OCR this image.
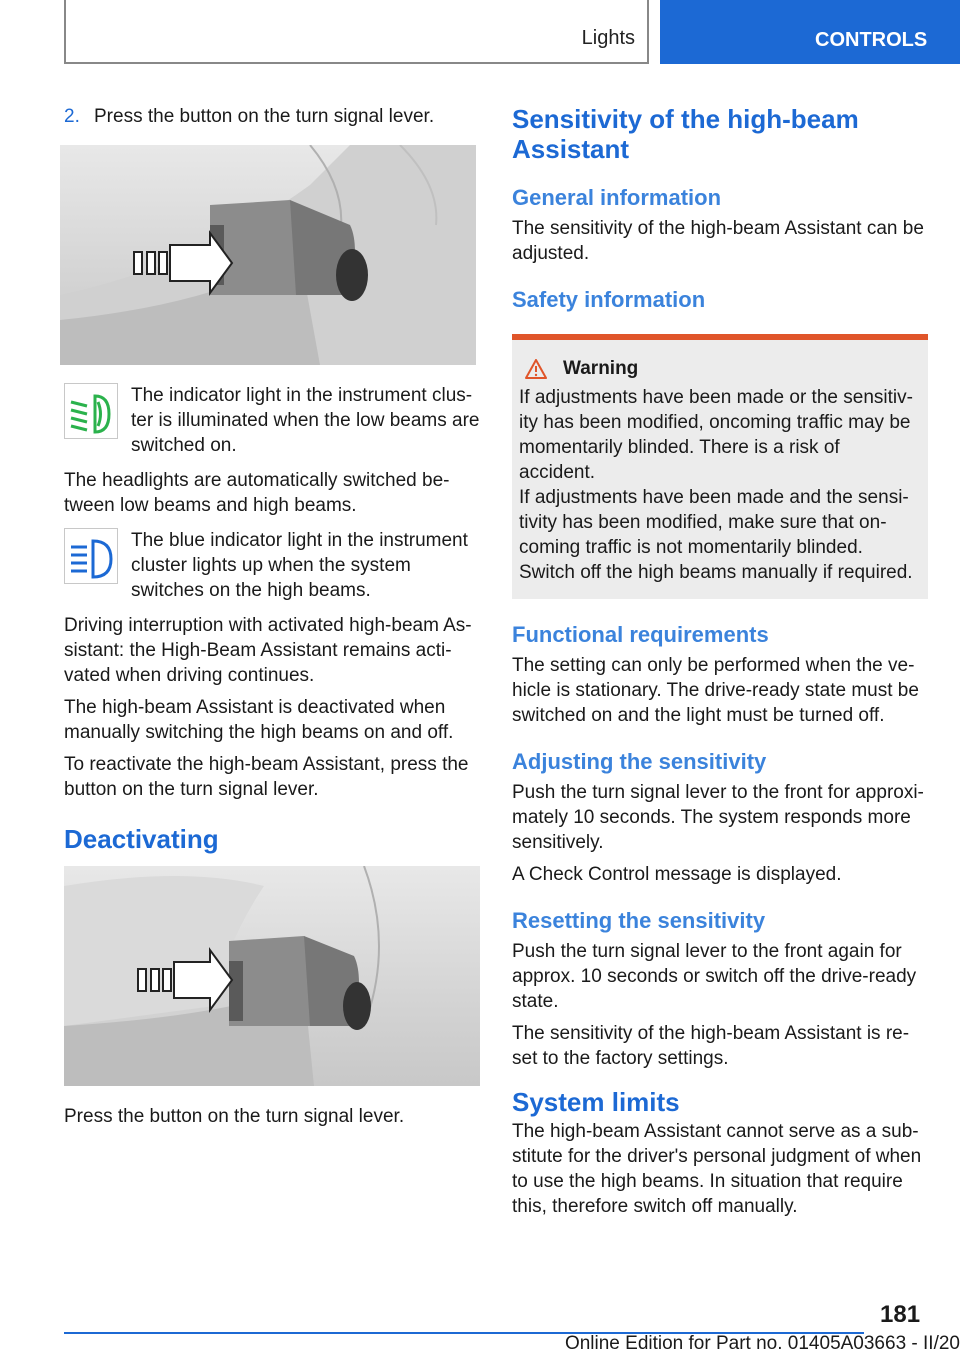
Lights	CONTROLS
2. Press the button on the turn signal lever.
The indicator light in the instrument clus‐ter is illuminated when the low beams are switched on.

The headlights are automatically switched be‐tween low beams and high beams.

The blue indicator light in the instrument cluster lights up when the system switches on the high beams.

Driving interruption with activated high-beam As‐sistant: the High-Beam Assistant remains acti‐vated when driving continues.

The high-beam Assistant is deactivated when manually switching the high beams on and off.

To reactivate the high-beam Assistant, press the button on the turn signal lever.

Deactivating

Press the button on the turn signal lever.

Sensitivity of the high-beam Assistant
General information

The sensitivity of the high-beam Assistant can be adjusted.

Safety information
Warning

If adjustments have been made or the sensitiv‐ity has been modified, oncoming traffic may be momentarily blinded. There is a risk of accident.

If adjustments have been made and the sensi‐tivity has been modified, make sure that on‐coming traffic is not momentarily blinded.

Switch off the high beams manually if required.

Functional requirements

The setting can only be performed when the ve‐hicle is stationary. The drive-ready state must be switched on and the light must be turned off.

Adjusting the sensitivity

Push the turn signal lever to the front for approxi‐mately 10 seconds. The system responds more sensitively.

A Check Control message is displayed.

Resetting the sensitivity

Push the turn signal lever to the front again for approx. 10 seconds or switch off the drive-ready state.

The sensitivity of the high-beam Assistant is re‐set to the factory settings.

System limits

The high-beam Assistant cannot serve as a sub‐stitute for the driver's personal judgment of when to use the high beams. In situation that require this, therefore switch off manually.

181
Online Edition for Part no. 01405A03663 - II/20
